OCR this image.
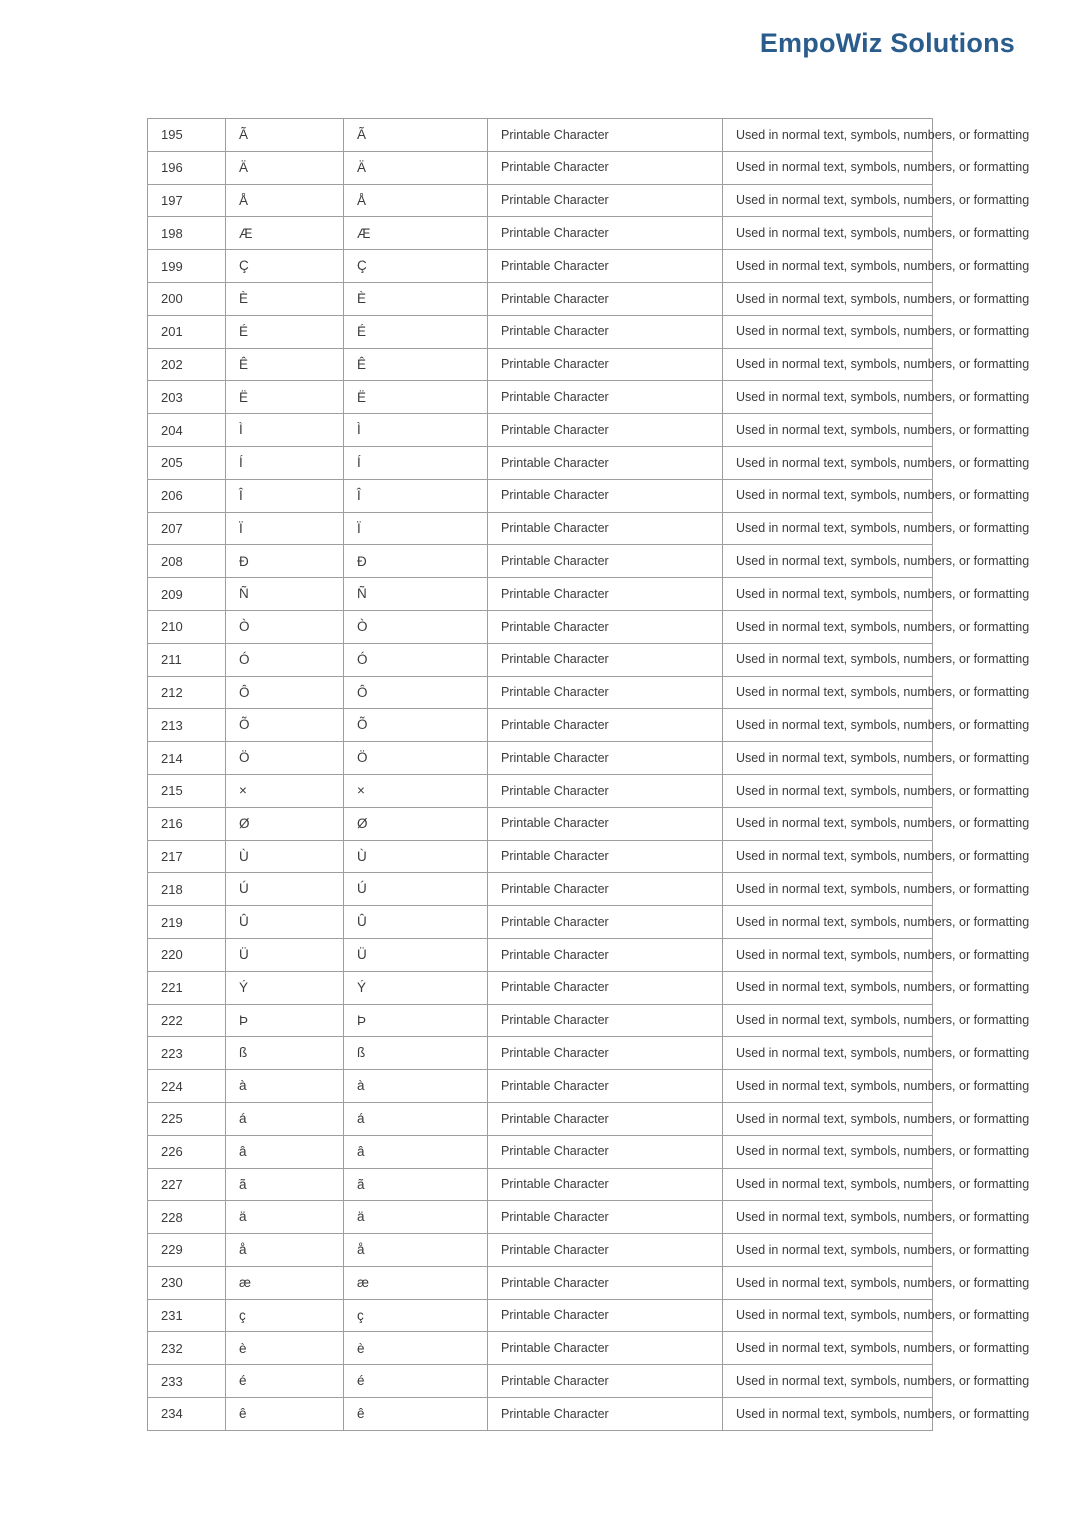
EmpoWiz Solutions
195	Ã	Ã	Printable Character	Used in normal text, symbols, numbers, or formatting
196	Ä	Ä	Printable Character	Used in normal text, symbols, numbers, or formatting
197	Å	Å	Printable Character	Used in normal text, symbols, numbers, or formatting
198	Æ	Æ	Printable Character	Used in normal text, symbols, numbers, or formatting
199	Ç	Ç	Printable Character	Used in normal text, symbols, numbers, or formatting
200	È	È	Printable Character	Used in normal text, symbols, numbers, or formatting
201	É	É	Printable Character	Used in normal text, symbols, numbers, or formatting
202	Ê	Ê	Printable Character	Used in normal text, symbols, numbers, or formatting
203	Ë	Ë	Printable Character	Used in normal text, symbols, numbers, or formatting
204	Ì	Ì	Printable Character	Used in normal text, symbols, numbers, or formatting
205	Í	Í	Printable Character	Used in normal text, symbols, numbers, or formatting
206	Î	Î	Printable Character	Used in normal text, symbols, numbers, or formatting
207	Ï	Ï	Printable Character	Used in normal text, symbols, numbers, or formatting
208	Ð	Ð	Printable Character	Used in normal text, symbols, numbers, or formatting
209	Ñ	Ñ	Printable Character	Used in normal text, symbols, numbers, or formatting
210	Ò	Ò	Printable Character	Used in normal text, symbols, numbers, or formatting
211	Ó	Ó	Printable Character	Used in normal text, symbols, numbers, or formatting
212	Ô	Ô	Printable Character	Used in normal text, symbols, numbers, or formatting
213	Õ	Õ	Printable Character	Used in normal text, symbols, numbers, or formatting
214	Ö	Ö	Printable Character	Used in normal text, symbols, numbers, or formatting
215	×	×	Printable Character	Used in normal text, symbols, numbers, or formatting
216	Ø	Ø	Printable Character	Used in normal text, symbols, numbers, or formatting
217	Ù	Ù	Printable Character	Used in normal text, symbols, numbers, or formatting
218	Ú	Ú	Printable Character	Used in normal text, symbols, numbers, or formatting
219	Û	Û	Printable Character	Used in normal text, symbols, numbers, or formatting
220	Ü	Ü	Printable Character	Used in normal text, symbols, numbers, or formatting
221	Ý	Ý	Printable Character	Used in normal text, symbols, numbers, or formatting
222	Þ	Þ	Printable Character	Used in normal text, symbols, numbers, or formatting
223	ß	ß	Printable Character	Used in normal text, symbols, numbers, or formatting
224	à	à	Printable Character	Used in normal text, symbols, numbers, or formatting
225	á	á	Printable Character	Used in normal text, symbols, numbers, or formatting
226	â	â	Printable Character	Used in normal text, symbols, numbers, or formatting
227	ã	ã	Printable Character	Used in normal text, symbols, numbers, or formatting
228	ä	ä	Printable Character	Used in normal text, symbols, numbers, or formatting
229	å	å	Printable Character	Used in normal text, symbols, numbers, or formatting
230	æ	æ	Printable Character	Used in normal text, symbols, numbers, or formatting
231	ç	ç	Printable Character	Used in normal text, symbols, numbers, or formatting
232	è	è	Printable Character	Used in normal text, symbols, numbers, or formatting
233	é	é	Printable Character	Used in normal text, symbols, numbers, or formatting
234	ê	ê	Printable Character	Used in normal text, symbols, numbers, or formatting
